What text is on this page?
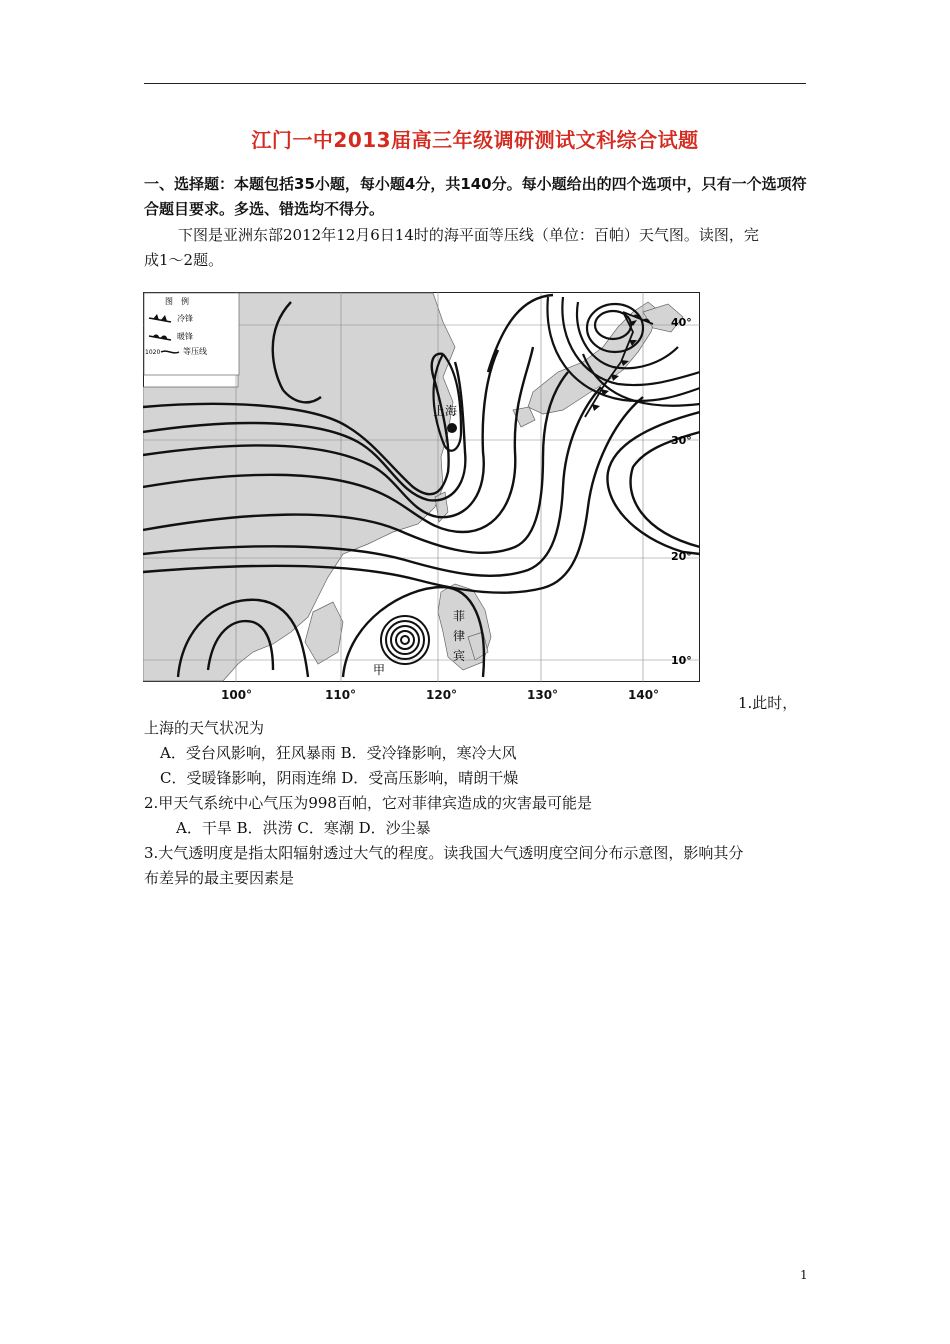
江门一中2013届高三年级调研测试文科综合试题
一、选择题：本题包括35小题，每小题4分，共140分。每小题给出的四个选项中，只有一个选项符合题目要求。多选、错选均不得分。
下图是亚洲东部2012年12月6日14时的海平面等压线（单位：百帕）天气图。读图，完
成1～2题。
上海
菲
律
宾
甲
图　例
冷锋
暖锋
1020	等压线
40°
30°
20°
10°
100°	110°	120°	130°	140°	1.此时，
上海的天气状况为
A．受台风影响，狂风暴雨 B．受冷锋影响，寒冷大风
C．受暖锋影响，阴雨连绵 D．受高压影响，晴朗干燥
2.甲天气系统中心气压为998百帕，它对菲律宾造成的灾害最可能是
A．干旱 B．洪涝 C．寒潮 D．沙尘暴
3.大气透明度是指太阳辐射透过大气的程度。读我国大气透明度空间分布示意图，影响其分
布差异的最主要因素是
1
